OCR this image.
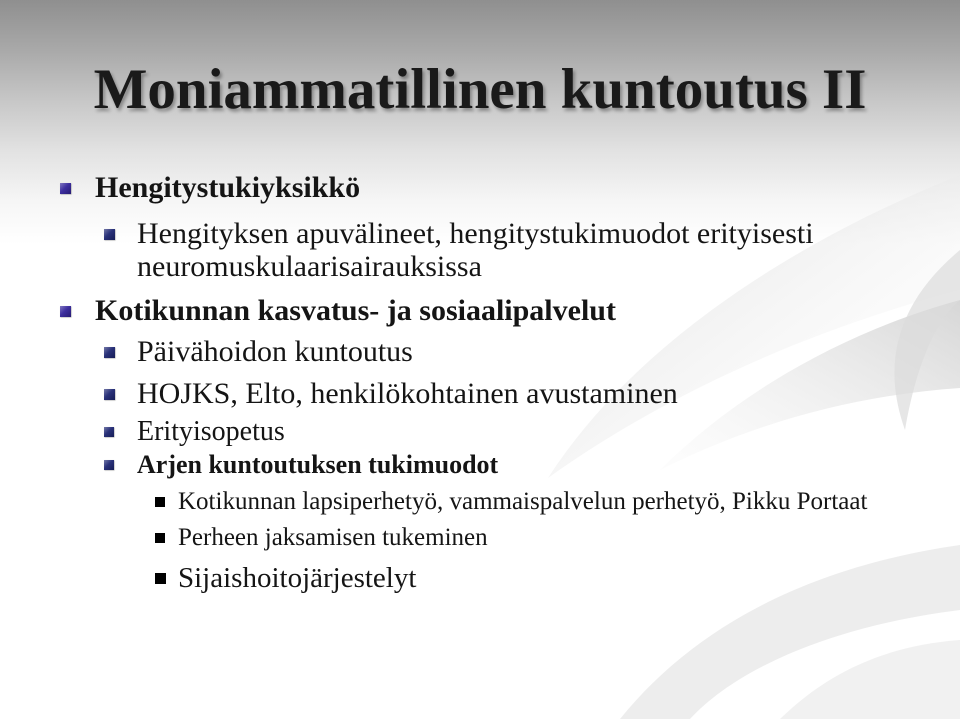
Moniammatillinen kuntoutus II
Hengitystukiyksikkö
Hengityksen apuvälineet, hengitystukimuodot erityisesti neuromuskulaarisairauksissa
Kotikunnan kasvatus- ja sosiaalipalvelut
Päivähoidon kuntoutus
HOJKS, Elto, henkilökohtainen avustaminen
Erityisopetus
Arjen kuntoutuksen tukimuodot
Kotikunnan lapsiperhetyö, vammaispalvelun perhetyö, Pikku Portaat
Perheen jaksamisen tukeminen
Sijaishoitojärjestelyt
